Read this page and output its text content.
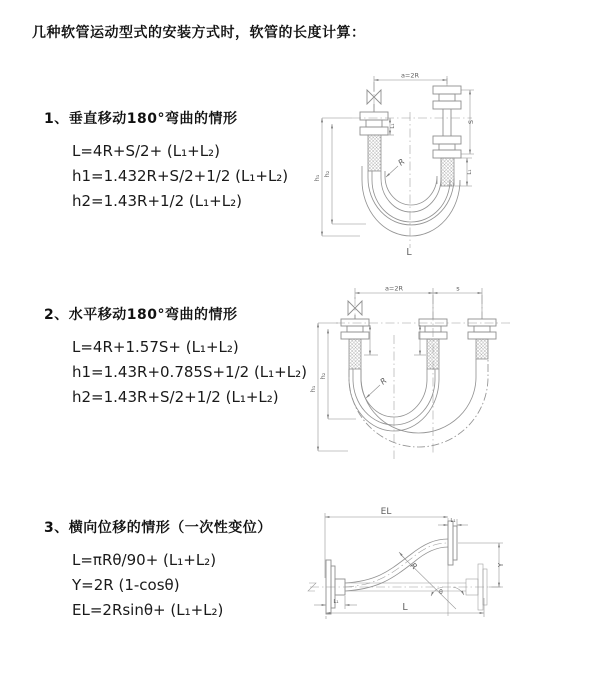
几种软管运动型式的安装方式时，软管的长度计算：
1、垂直移动180°弯曲的情形
L=4R+S/2+ (L₁+L₂)
h1=1.432R+S/2+1/2 (L₁+L₂)
h2=1.43R+1/2 (L₁+L₂)
2、水平移动180°弯曲的情形
L=4R+1.57S+ (L₁+L₂)
h1=1.43R+0.785S+1/2 (L₁+L₂)
h2=1.43R+S/2+1/2 (L₁+L₂)
3、横向位移的情形（一次性变位）
L=πRθ/90+ (L₁+L₂)
Y=2R (1-cosθ)
EL=2Rsinθ+ (L₁+L₂)
a=2R
S
L₁
L₁
h₁
h₂
R
L
a=2R	s
h₁
h₂
R
EL
L₁
Y
L
L₁
R
θ
